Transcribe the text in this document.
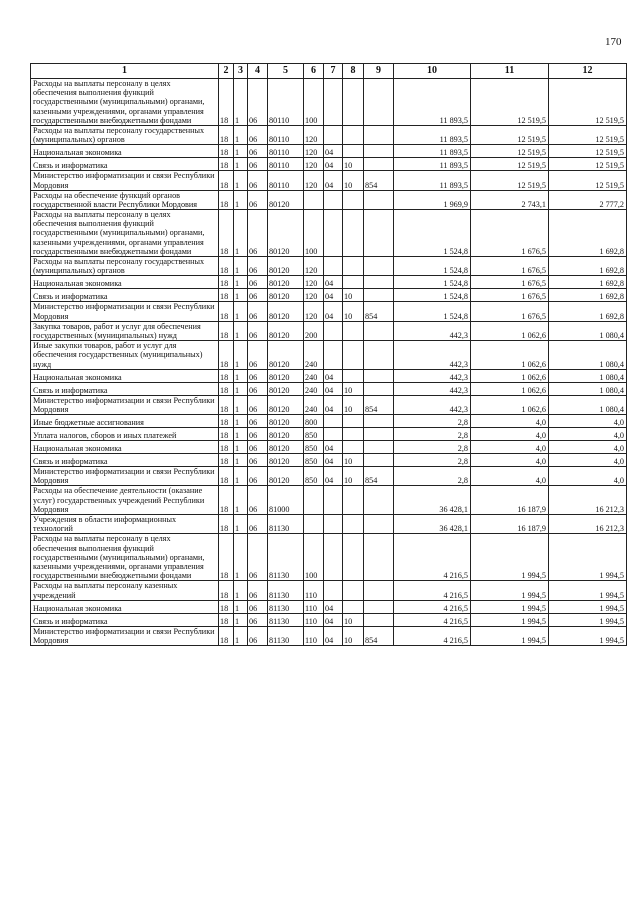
170
1	2	3	4	5	6	7	8	9	10	11	12
Расходы на выплаты персоналу в целях обеспечения выполнения функций государственными (муниципальными) органами, казенными учреждениями, органами управления государственными внебюджетными фондами	18	1	06	80110	100				11 893,5	12 519,5	12 519,5
Расходы на выплаты персоналу государственных (муниципальных) органов	18	1	06	80110	120				11 893,5	12 519,5	12 519,5
Национальная экономика	18	1	06	80110	120	04			11 893,5	12 519,5	12 519,5
Связь и информатика	18	1	06	80110	120	04	10		11 893,5	12 519,5	12 519,5
Министерство информатизации и связи Республики Мордовия	18	1	06	80110	120	04	10	854	11 893,5	12 519,5	12 519,5
Расходы на обеспечение функций органов государственной власти Республики Мордовия	18	1	06	80120					1 969,9	2 743,1	2 777,2
Расходы на выплаты персоналу в целях обеспечения выполнения функций государственными (муниципальными) органами, казенными учреждениями, органами управления государственными внебюджетными фондами	18	1	06	80120	100				1 524,8	1 676,5	1 692,8
Расходы на выплаты персоналу государственных (муниципальных) органов	18	1	06	80120	120				1 524,8	1 676,5	1 692,8
Национальная экономика	18	1	06	80120	120	04			1 524,8	1 676,5	1 692,8
Связь и информатика	18	1	06	80120	120	04	10		1 524,8	1 676,5	1 692,8
Министерство информатизации и связи Республики Мордовия	18	1	06	80120	120	04	10	854	1 524,8	1 676,5	1 692,8
Закупка товаров, работ и услуг для обеспечения государственных (муниципальных) нужд	18	1	06	80120	200				442,3	1 062,6	1 080,4
Иные закупки товаров, работ и услуг для обеспечения государственных (муниципальных) нужд	18	1	06	80120	240				442,3	1 062,6	1 080,4
Национальная экономика	18	1	06	80120	240	04			442,3	1 062,6	1 080,4
Связь и информатика	18	1	06	80120	240	04	10		442,3	1 062,6	1 080,4
Министерство информатизации и связи Республики Мордовия	18	1	06	80120	240	04	10	854	442,3	1 062,6	1 080,4
Иные бюджетные ассигнования	18	1	06	80120	800				2,8	4,0	4,0
Уплата налогов, сборов и иных платежей	18	1	06	80120	850				2,8	4,0	4,0
Национальная экономика	18	1	06	80120	850	04			2,8	4,0	4,0
Связь и информатика	18	1	06	80120	850	04	10		2,8	4,0	4,0
Министерство информатизации и связи Республики Мордовия	18	1	06	80120	850	04	10	854	2,8	4,0	4,0
Расходы на обеспечение деятельности (оказание услуг) государственных учреждений Республики Мордовия	18	1	06	81000					36 428,1	16 187,9	16 212,3
Учреждения в области информационных технологий	18	1	06	81130					36 428,1	16 187,9	16 212,3
Расходы на выплаты персоналу в целях обеспечения выполнения функций государственными (муниципальными) органами, казенными учреждениями, органами управления государственными внебюджетными фондами	18	1	06	81130	100				4 216,5	1 994,5	1 994,5
Расходы на выплаты персоналу казенных учреждений	18	1	06	81130	110				4 216,5	1 994,5	1 994,5
Национальная экономика	18	1	06	81130	110	04			4 216,5	1 994,5	1 994,5
Связь и информатика	18	1	06	81130	110	04	10		4 216,5	1 994,5	1 994,5
Министерство информатизации и связи Республики Мордовия	18	1	06	81130	110	04	10	854	4 216,5	1 994,5	1 994,5
